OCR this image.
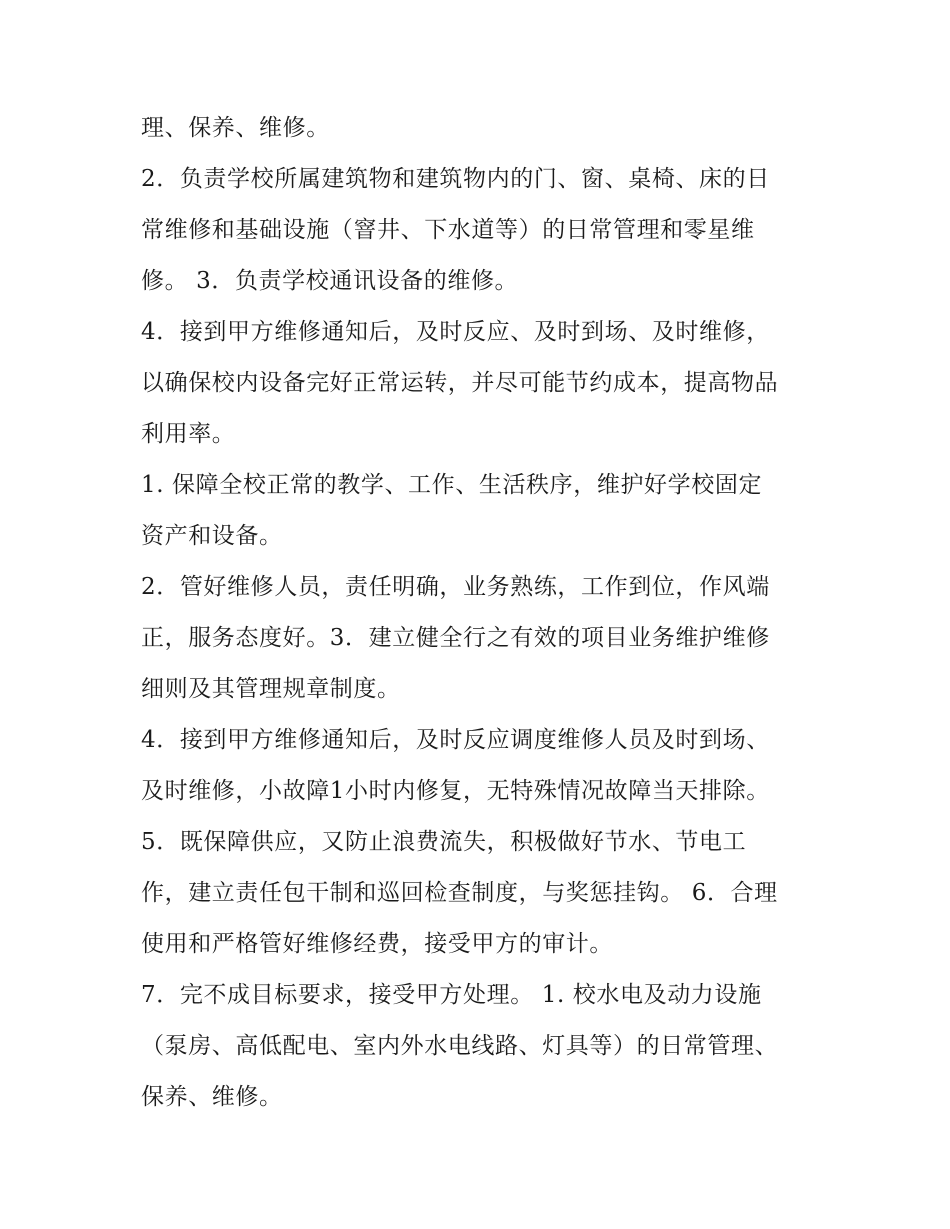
理、保养、维修。
2．负责学校所属建筑物和建筑物内的门、窗、桌椅、床的日
常维修和基础设施（窨井、下水道等）的日常管理和零星维
修。 3．负责学校通讯设备的维修。
4．接到甲方维修通知后，及时反应、及时到场、及时维修，
以确保校内设备完好正常运转，并尽可能节约成本，提高物品
利用率。
1. 保障全校正常的教学、工作、生活秩序，维护好学校固定
资产和设备。
2．管好维修人员，责任明确，业务熟练，工作到位，作风端
正，服务态度好。3．建立健全行之有效的项目业务维护维修
细则及其管理规章制度。
4．接到甲方维修通知后，及时反应调度维修人员及时到场、
及时维修，小故障1小时内修复，无特殊情况故障当天排除。
5．既保障供应，又防止浪费流失，积极做好节水、节电工
作，建立责任包干制和巡回检查制度，与奖惩挂钩。 6．合理
使用和严格管好维修经费，接受甲方的审计。
7．完不成目标要求，接受甲方处理。 1. 校水电及动力设施
（泵房、高低配电、室内外水电线路、灯具等）的日常管理、
保养、维修。
